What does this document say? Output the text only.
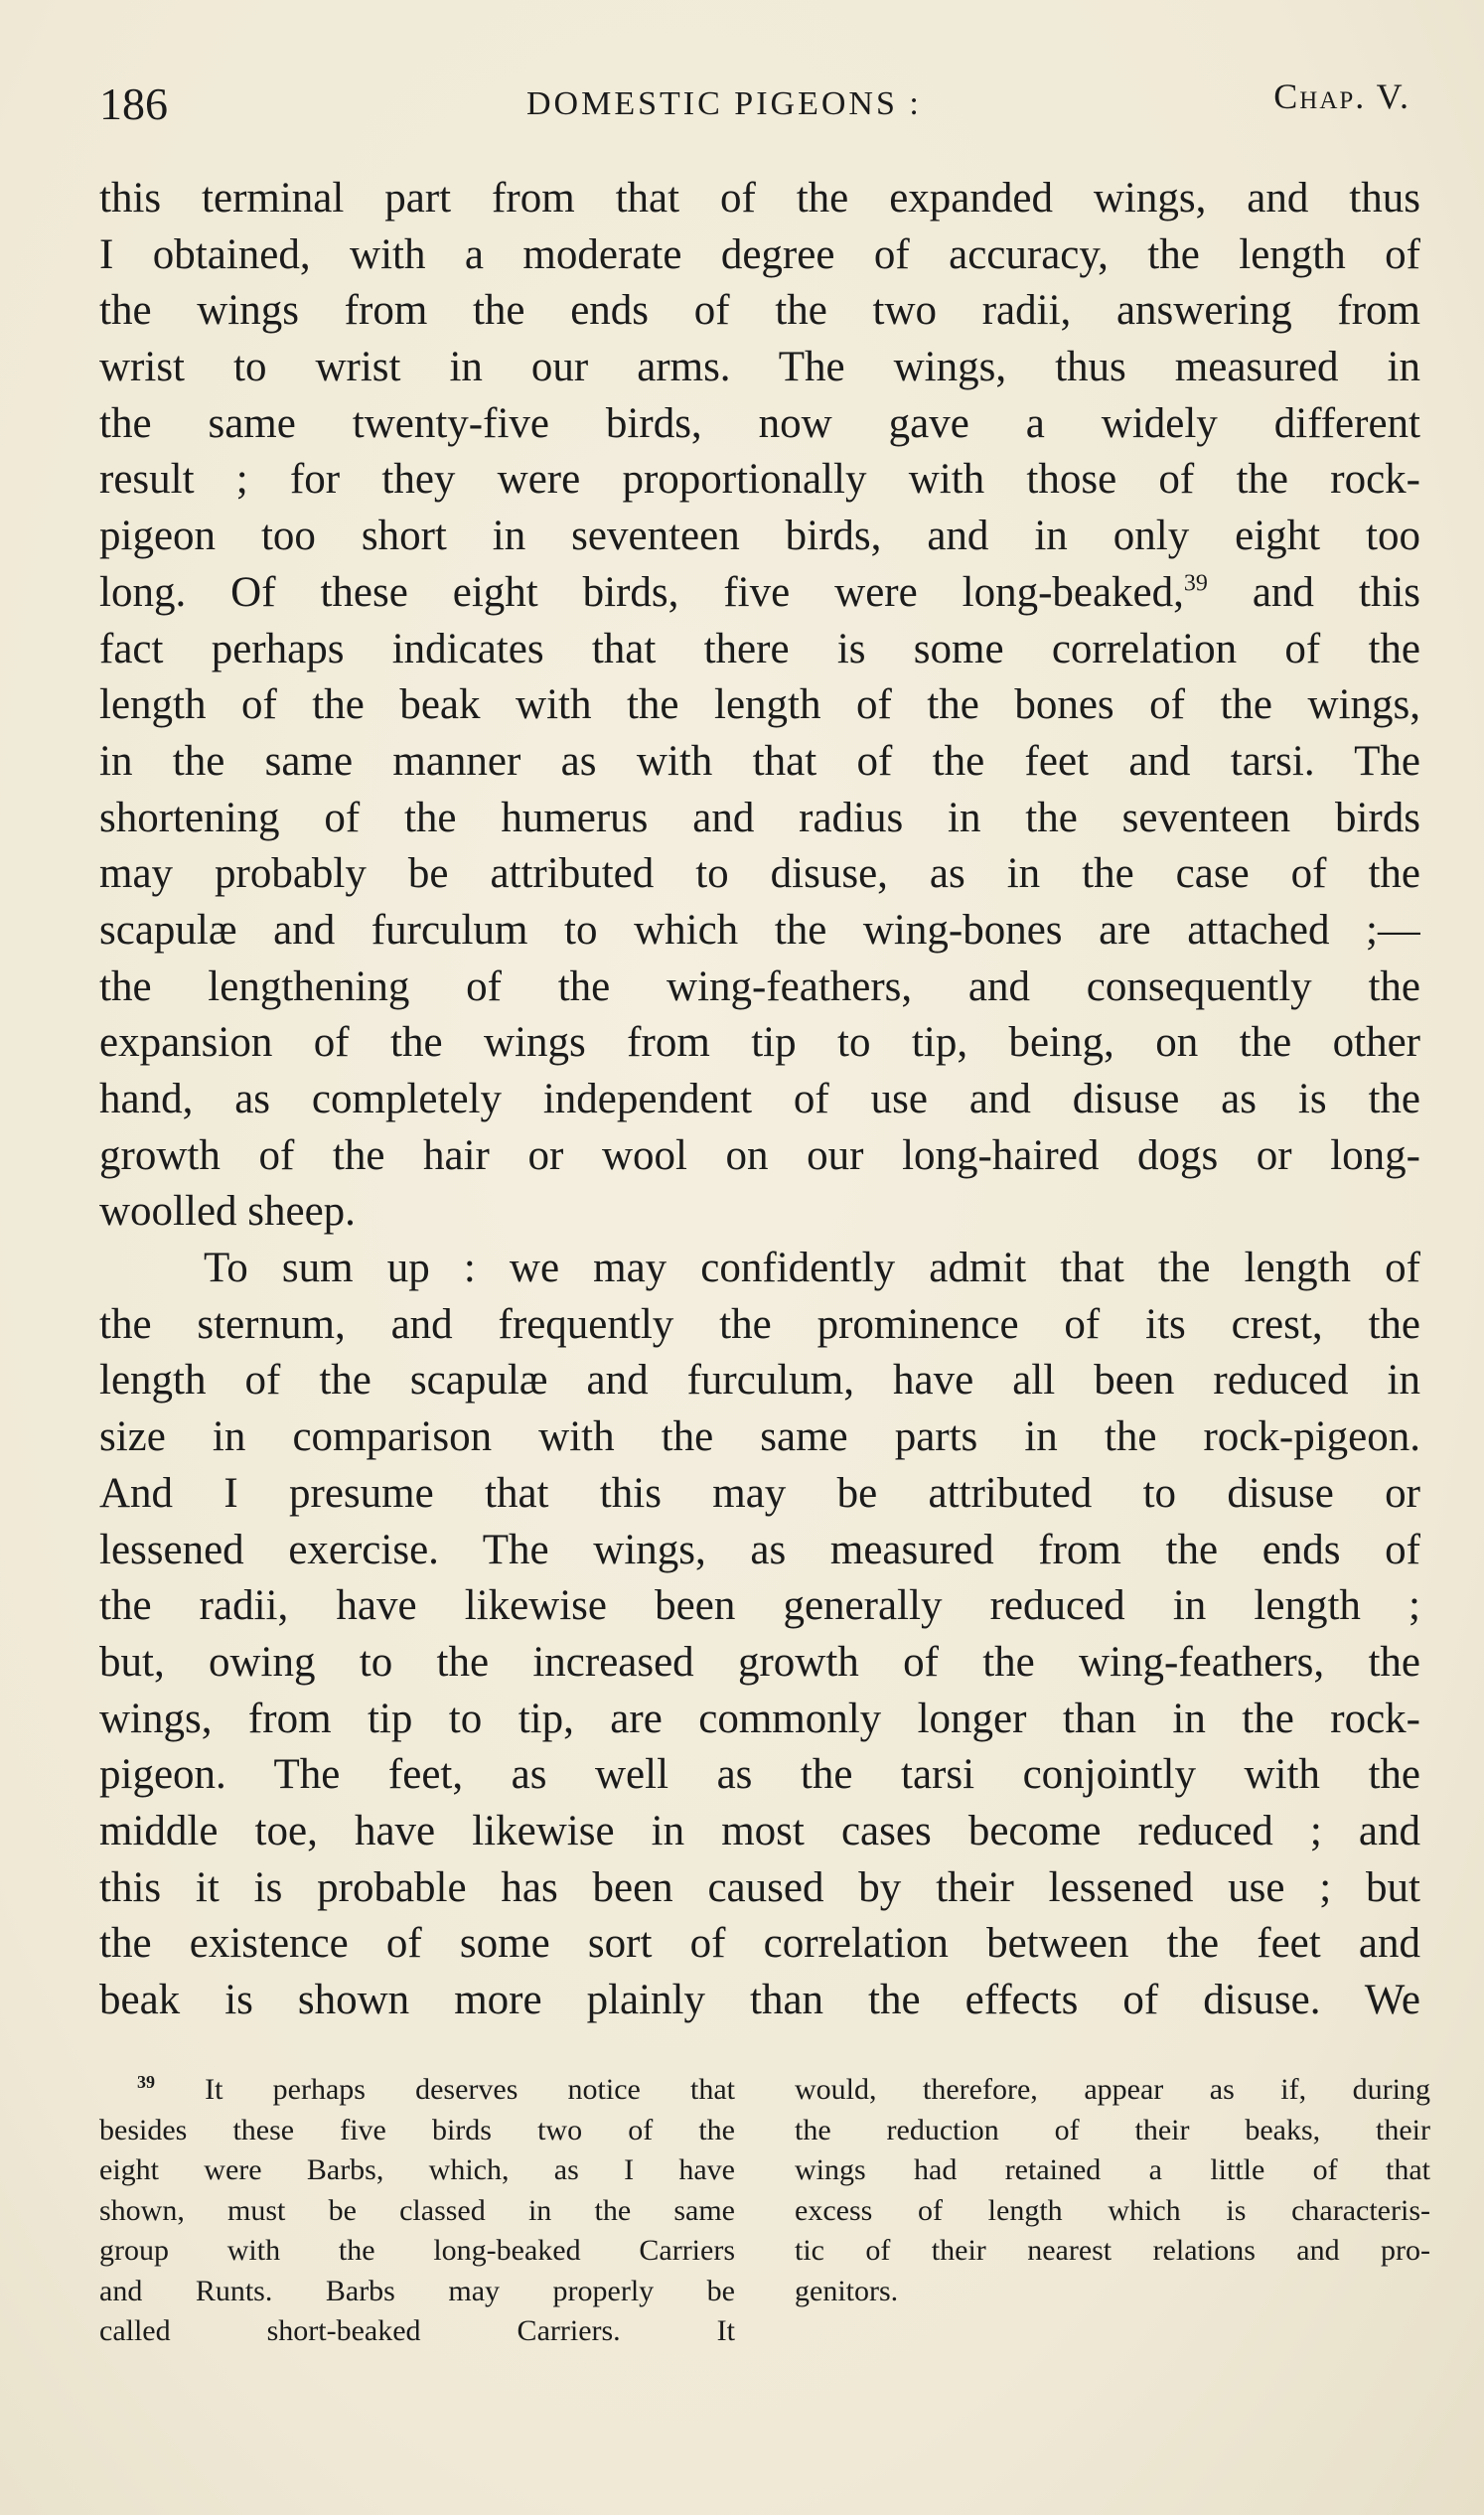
186	DOMESTIC PIGEONS :	Chap. V.
this terminal part from that of the expanded wings, and thus
I obtained, with a moderate degree of accuracy, the length of
the wings from the ends of the two radii, answering from
wrist to wrist in our arms. The wings, thus measured in
the same twenty-five birds, now gave a widely different
result ; for they were proportionally with those of the rock-
pigeon too short in seventeen birds, and in only eight too
long. Of these eight birds, five were long-beaked,$^{39}$ and this
fact perhaps indicates that there is some correlation of the
length of the beak with the length of the bones of the wings,
in the same manner as with that of the feet and tarsi. The
shortening of the humerus and radius in the seventeen birds
may probably be attributed to disuse, as in the case of the
scapulæ and furculum to which the wing-bones are attached ;—
the lengthening of the wing-feathers, and consequently the
expansion of the wings from tip to tip, being, on the other
hand, as completely independent of use and disuse as is the
growth of the hair or wool on our long-haired dogs or long-
woolled sheep.
To sum up : we may confidently admit that the length of
the sternum, and frequently the prominence of its crest, the
length of the scapulæ and furculum, have all been reduced in
size in comparison with the same parts in the rock-pigeon.
And I presume that this may be attributed to disuse or
lessened exercise. The wings, as measured from the ends of
the radii, have likewise been generally reduced in length ;
but, owing to the increased growth of the wing-feathers, the
wings, from tip to tip, are commonly longer than in the rock-
pigeon. The feet, as well as the tarsi conjointly with the
middle toe, have likewise in most cases become reduced ; and
this it is probable has been caused by their lessened use ; but
the existence of some sort of correlation between the feet and
beak is shown more plainly than the effects of disuse. We
$^{39}$ It perhaps deserves notice that
besides these five birds two of the
eight were Barbs, which, as I have
shown, must be classed in the same
group with the long-beaked Carriers
and Runts. Barbs may properly be
called short-beaked Carriers. It
would, therefore, appear as if, during
the reduction of their beaks, their
wings had retained a little of that
excess of length which is characteris-
tic of their nearest relations and pro-
genitors.
